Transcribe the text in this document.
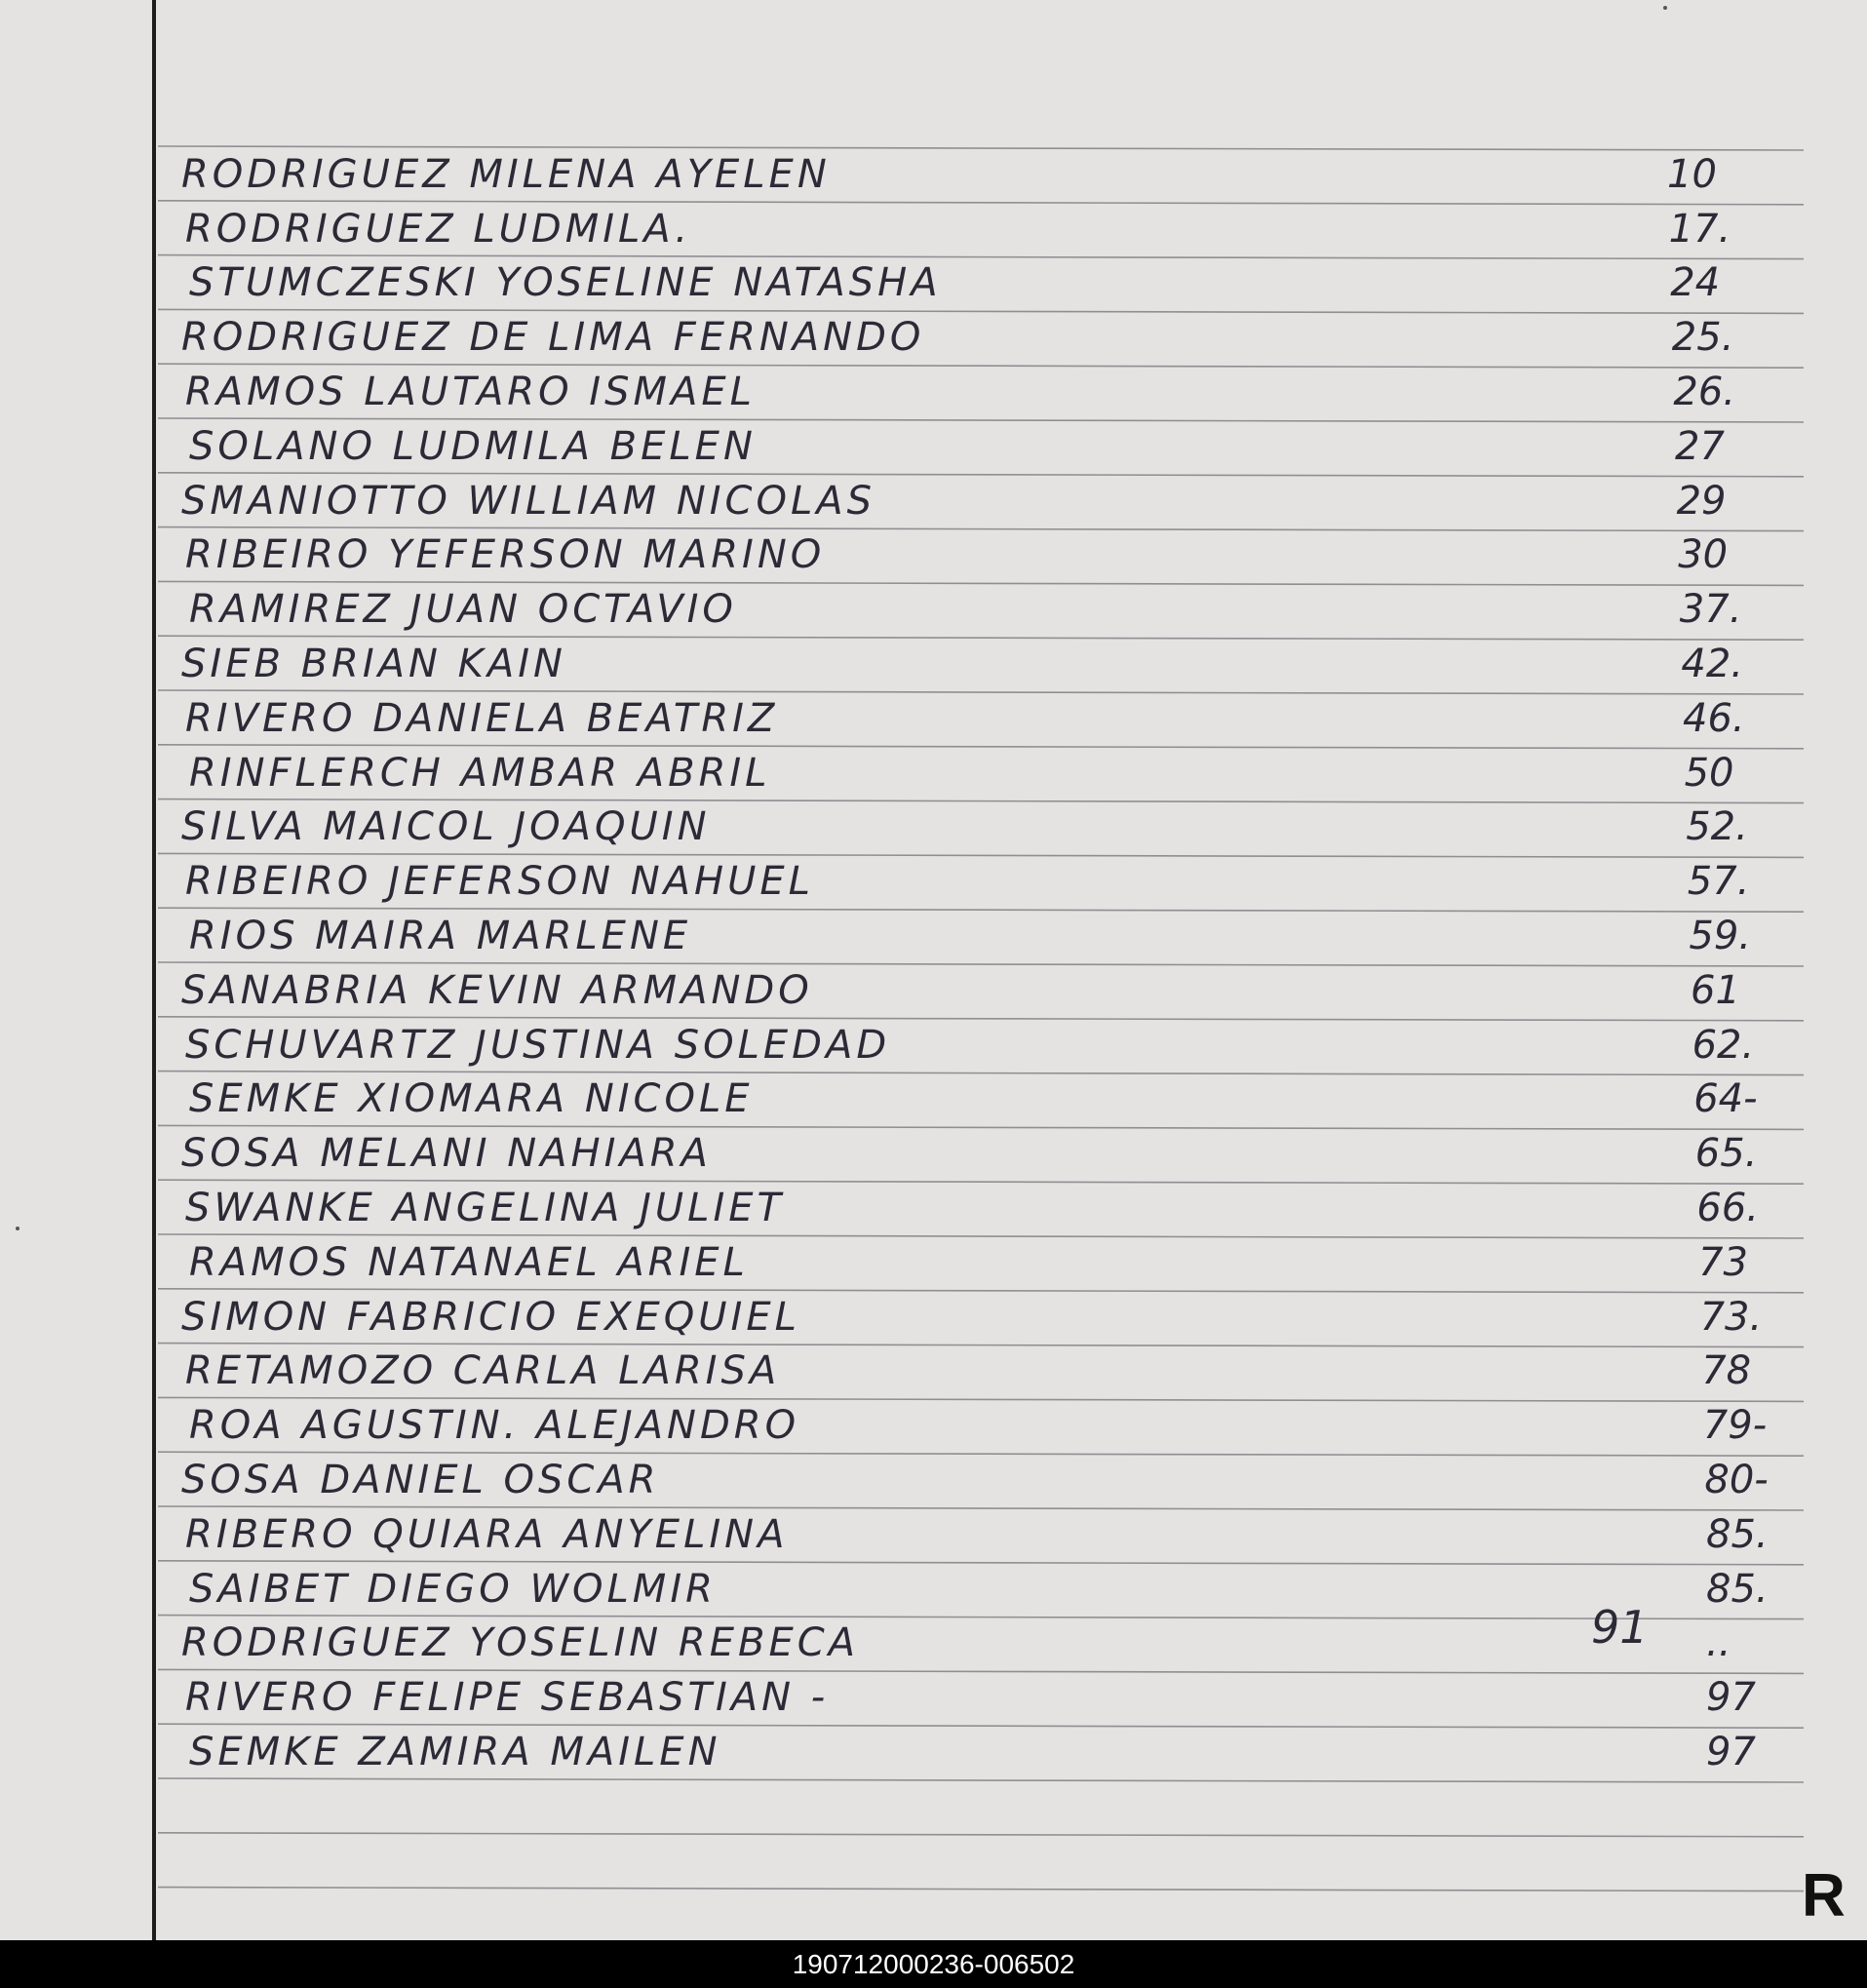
RODRIGUEZ MILENA AYELEN	10
RODRIGUEZ LUDMILA.	17.
STUMCZESKI YOSELINE NATASHA	24
RODRIGUEZ DE LIMA FERNANDO	25.
RAMOS LAUTARO ISMAEL	26.
SOLANO LUDMILA BELEN	27
SMANIOTTO WILLIAM NICOLAS	29
RIBEIRO YEFERSON MARINO	30
RAMIREZ JUAN OCTAVIO	37.
SIEB BRIAN KAIN	42.
RIVERO DANIELA BEATRIZ	46.
RINFLERCH AMBAR ABRIL	50
SILVA MAICOL JOAQUIN	52.
RIBEIRO JEFERSON NAHUEL	57.
RIOS MAIRA MARLENE	59.
SANABRIA KEVIN ARMANDO	61
SCHUVARTZ JUSTINA SOLEDAD	62.
SEMKE XIOMARA NICOLE	64-
SOSA MELANI NAHIARA	65.
SWANKE ANGELINA JULIET	66.
RAMOS NATANAEL ARIEL	73
SIMON FABRICIO EXEQUIEL	73.
RETAMOZO CARLA LARISA	78
ROA AGUSTIN. ALEJANDRO	79-
SOSA DANIEL OSCAR	80-
RIBERO QUIARA ANYELINA	85.
SAIBET DIEGO WOLMIR	85.
RODRIGUEZ YOSELIN REBECA	..
RIVERO FELIPE SEBASTIAN -	97
SEMKE ZAMIRA MAILEN	97
91
R
190712000236-006502
